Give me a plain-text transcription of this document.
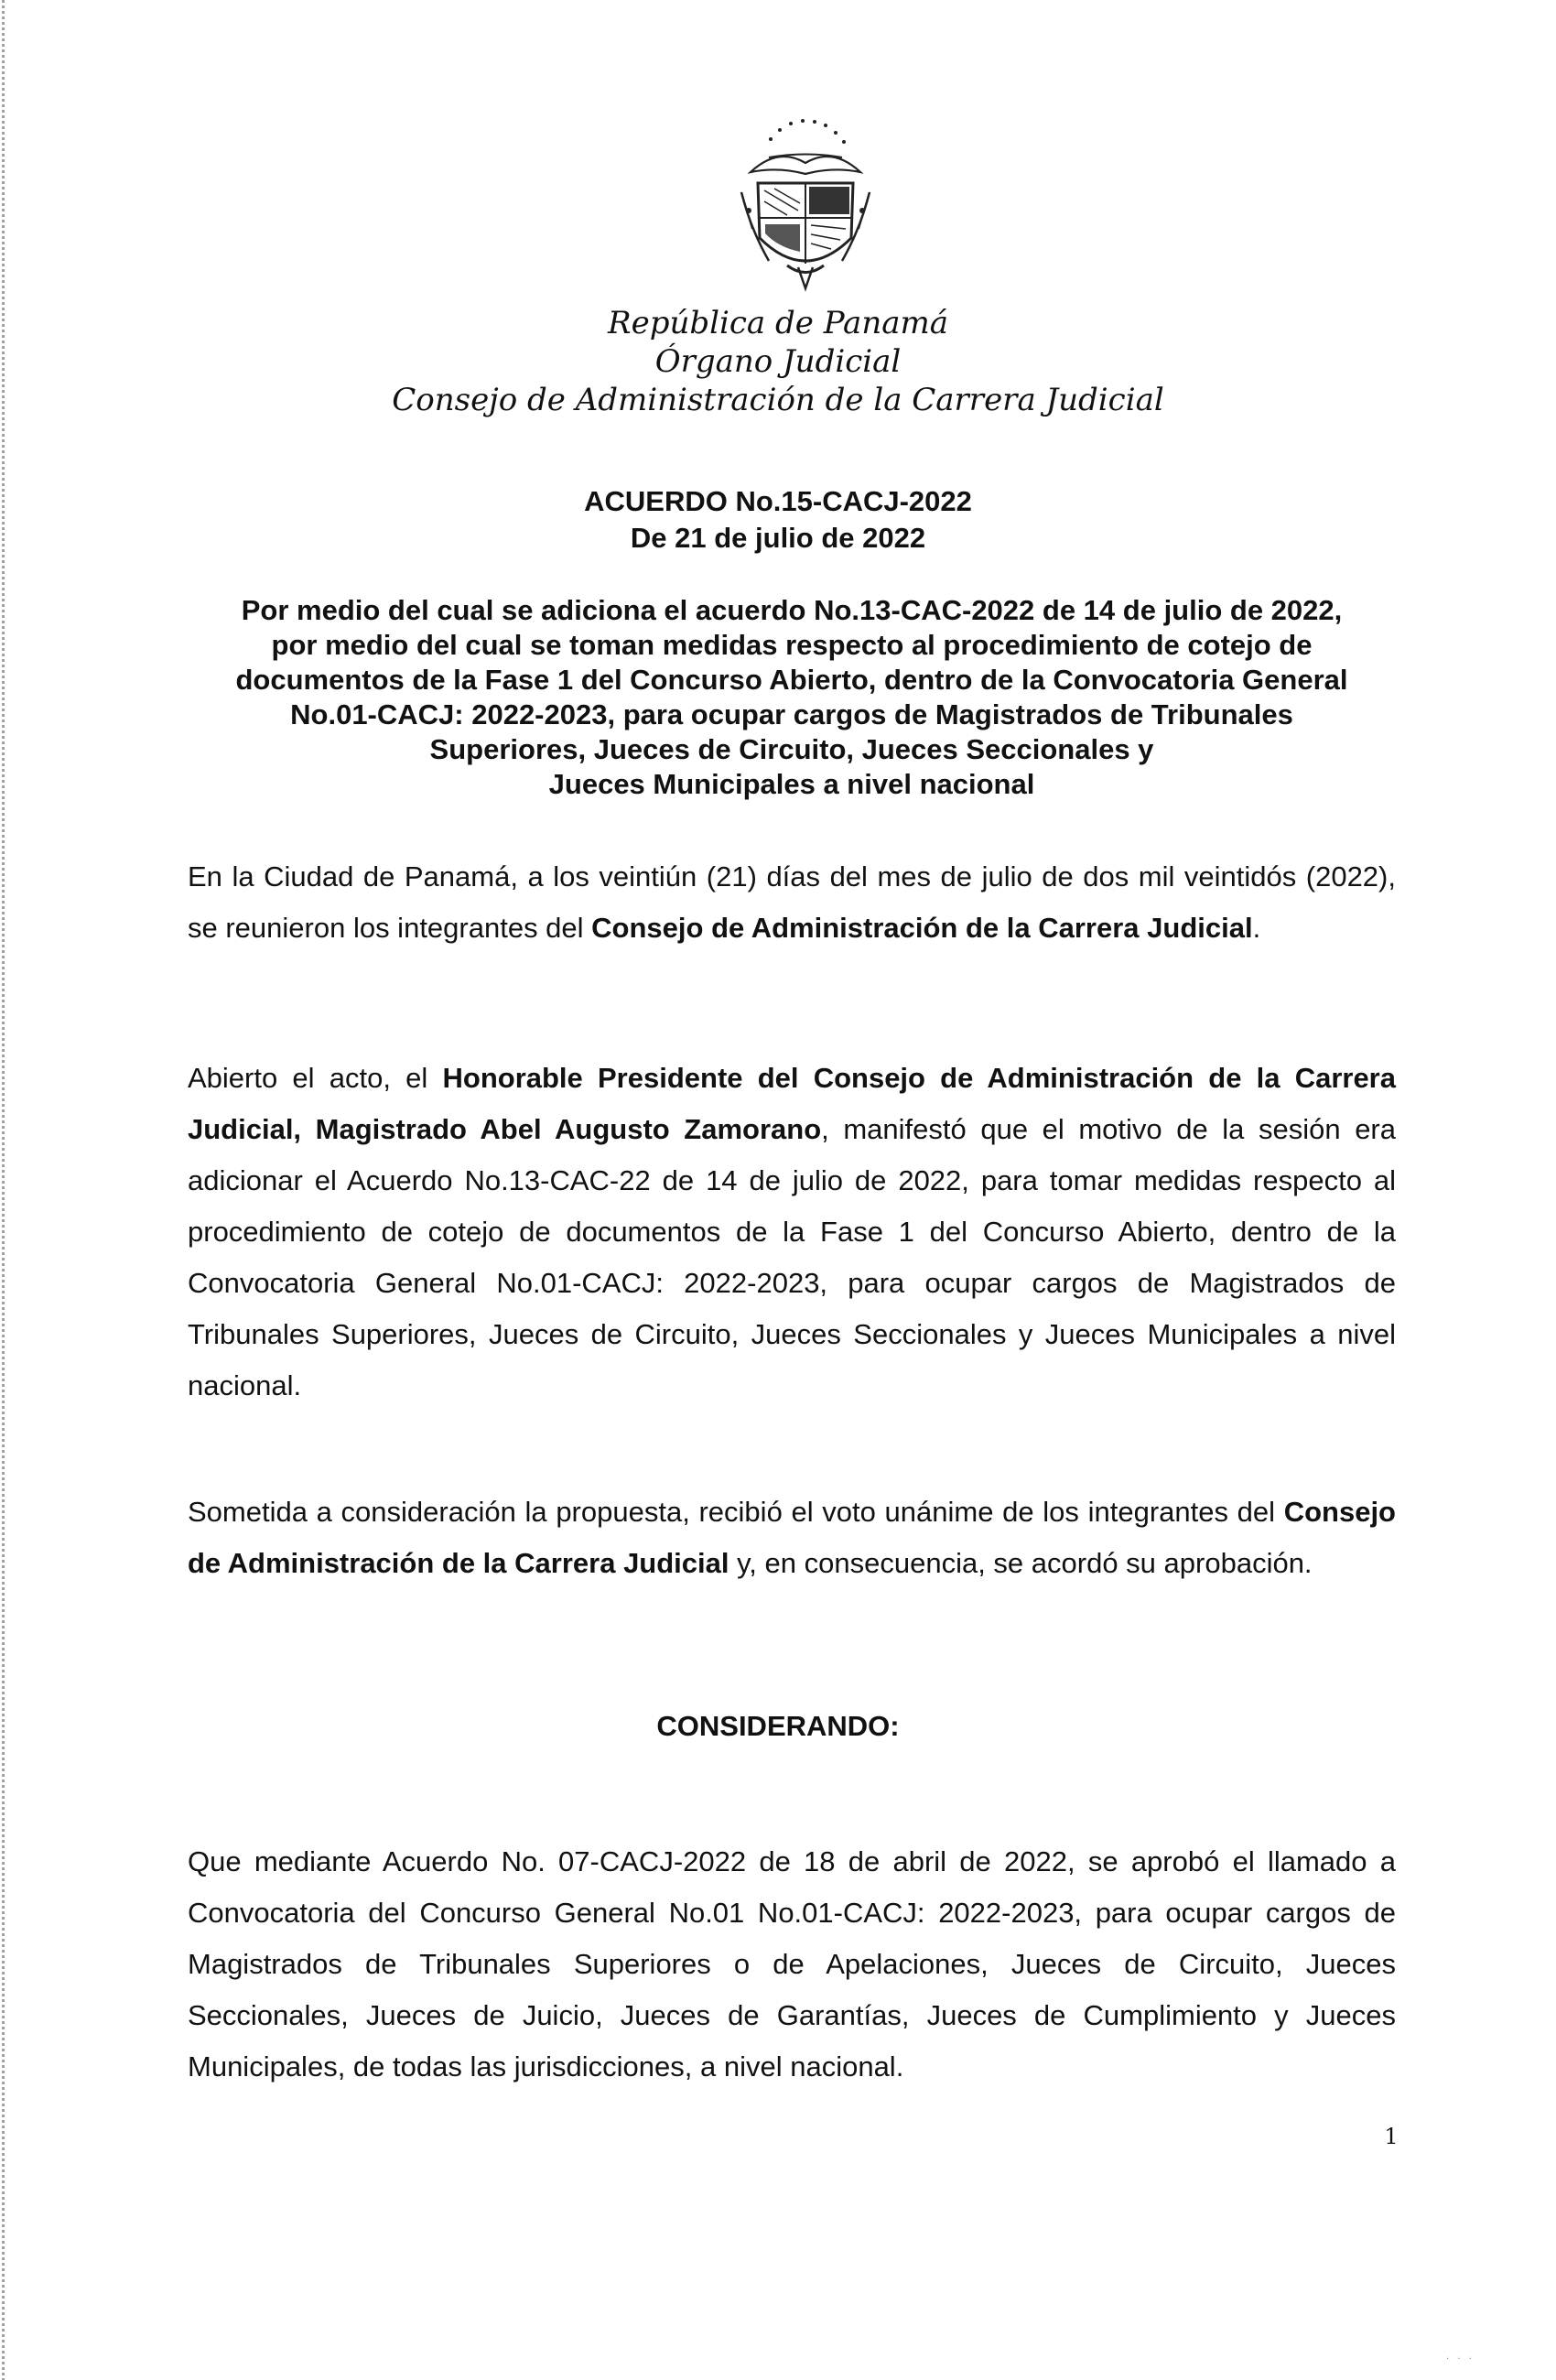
República de Panamá
Órgano Judicial
Consejo de Administración de la Carrera Judicial
ACUERDO No.15-CACJ-2022
De 21 de julio de 2022
Por medio del cual se adiciona el acuerdo No.13-CAC-2022 de 14 de julio de 2022,
por medio del cual se toman medidas respecto al procedimiento de cotejo de
documentos de la Fase 1 del Concurso Abierto, dentro de la Convocatoria General
No.01-CACJ: 2022-2023, para ocupar cargos de Magistrados de Tribunales
Superiores, Jueces de Circuito, Jueces Seccionales y
Jueces Municipales a nivel nacional
En la Ciudad de Panamá, a los veintiún (21) días del mes de julio de dos mil veintidós (2022), se reunieron los integrantes del Consejo de Administración de la Carrera Judicial.
Abierto el acto, el Honorable Presidente del Consejo de Administración de la Carrera Judicial, Magistrado Abel Augusto Zamorano, manifestó que el motivo de la sesión era adicionar el Acuerdo No.13-CAC-22 de 14 de julio de 2022, para tomar medidas respecto al procedimiento de cotejo de documentos de la Fase 1 del Concurso Abierto, dentro de la Convocatoria General No.01-CACJ: 2022-2023, para ocupar cargos de Magistrados de Tribunales Superiores, Jueces de Circuito, Jueces Seccionales y Jueces Municipales a nivel nacional.
Sometida a consideración la propuesta, recibió el voto unánime de los integrantes del Consejo de Administración de la Carrera Judicial y, en consecuencia, se acordó su aprobación.
CONSIDERANDO:
Que mediante Acuerdo No. 07-CACJ-2022 de 18 de abril de 2022, se aprobó el llamado a Convocatoria del Concurso General No.01 No.01-CACJ: 2022-2023, para ocupar cargos de Magistrados de Tribunales Superiores o de Apelaciones, Jueces de Circuito, Jueces Seccionales, Jueces de Juicio, Jueces de Garantías, Jueces de Cumplimiento y Jueces Municipales, de todas las jurisdicciones, a nivel nacional.
1
· · ·
